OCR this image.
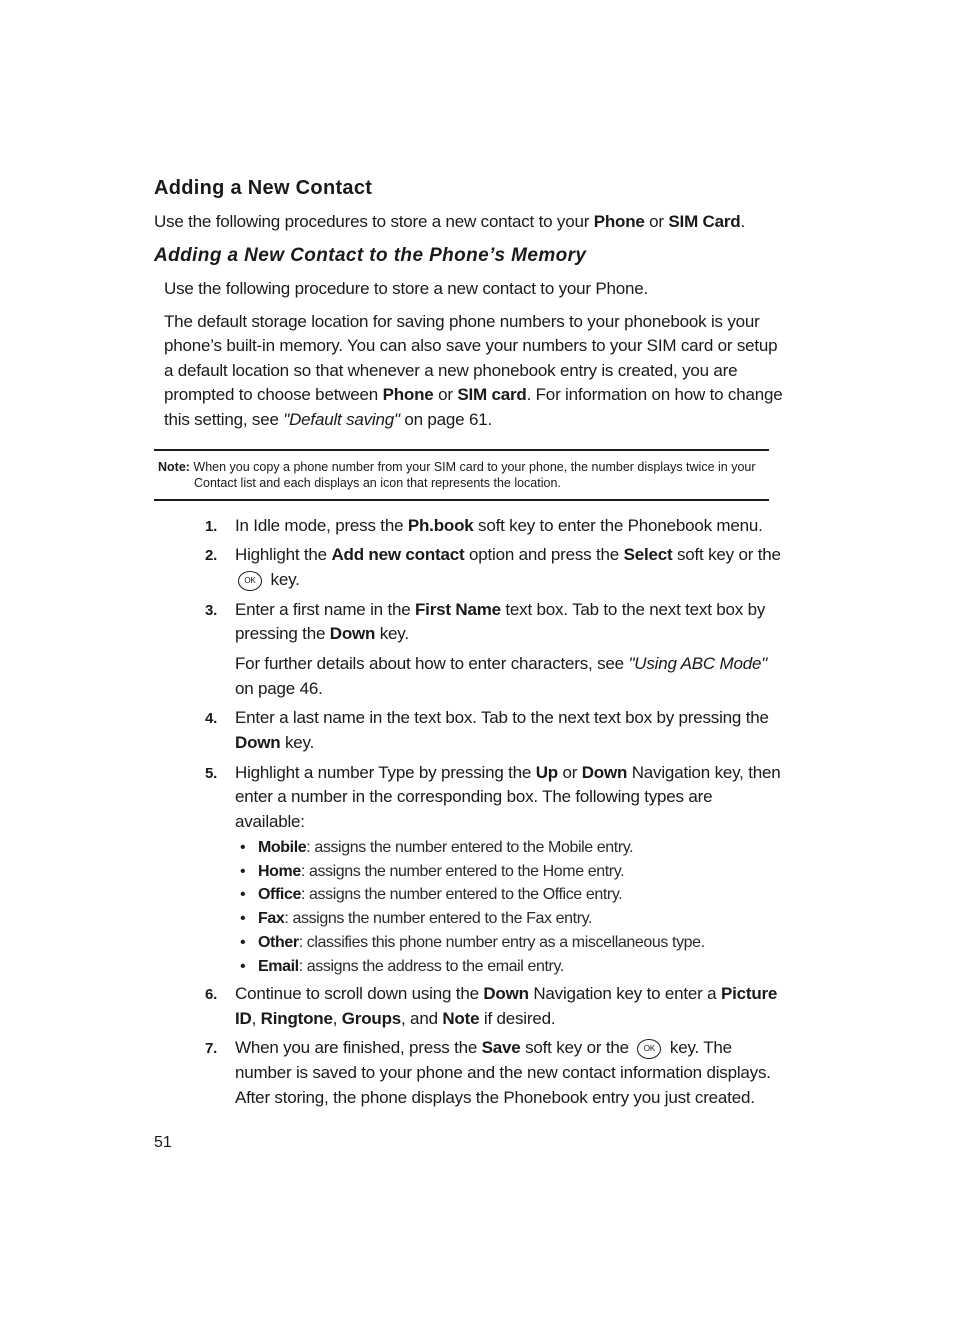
Adding a New Contact
Use the following procedures to store a new contact to your Phone or SIM Card.
Adding a New Contact to the Phone’s Memory
Use the following procedure to store a new contact to your Phone.
The default storage location for saving phone numbers to your phonebook is your
phone’s built-in memory. You can also save your numbers to your SIM card or setup
a default location so that whenever a new phonebook entry is created, you are
prompted to choose between Phone or SIM card. For information on how to change
this setting, see "Default saving" on page 61.
Note: When you copy a phone number from your SIM card to your phone, the number displays twice in your
Contact list and each displays an icon that represents the location.
1. In Idle mode, press the Ph.book soft key to enter the Phonebook menu.
2. Highlight the Add new contact option and press the Select soft key or the
OK key.
3. Enter a first name in the First Name text box. Tab to the next text box by
pressing the Down key.
For further details about how to enter characters, see "Using ABC Mode"
on page 46.
4. Enter a last name in the text box. Tab to the next text box by pressing the
Down key.
5. Highlight a number Type by pressing the Up or Down Navigation key, then
enter a number in the corresponding box. The following types are
available:
• Mobile: assigns the number entered to the Mobile entry.
• Home: assigns the number entered to the Home entry.
• Office: assigns the number entered to the Office entry.
• Fax: assigns the number entered to the Fax entry.
• Other: classifies this phone number entry as a miscellaneous type.
• Email: assigns the address to the email entry.
6. Continue to scroll down using the Down Navigation key to enter a Picture
ID, Ringtone, Groups, and Note if desired.
7. When you are finished, press the Save soft key or the OK key. The
number is saved to your phone and the new contact information displays.
After storing, the phone displays the Phonebook entry you just created.
51
